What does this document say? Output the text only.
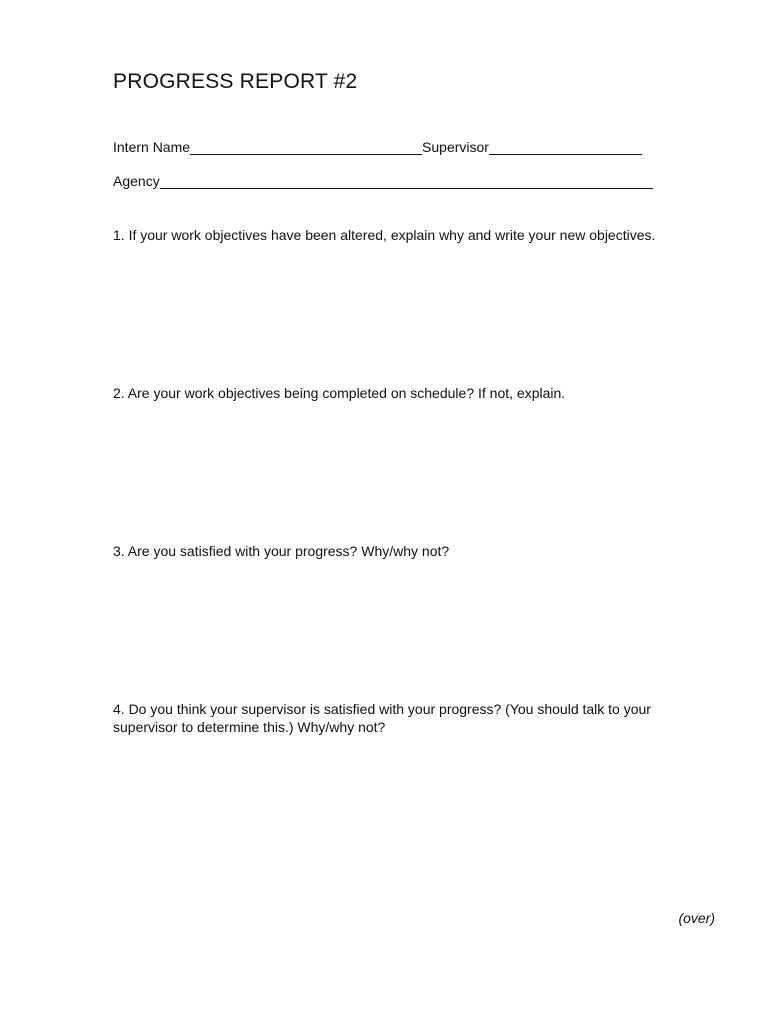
PROGRESS REPORT #2
Intern Name	Supervisor
Agency

1. If your work objectives have been altered, explain why and write your new objectives.

2. Are your work objectives being completed on schedule? If not, explain.

3. Are you satisfied with your progress? Why/why not?

4. Do you think your supervisor is satisfied with your progress? (You should talk to your
supervisor to determine this.) Why/why not?

(over)
